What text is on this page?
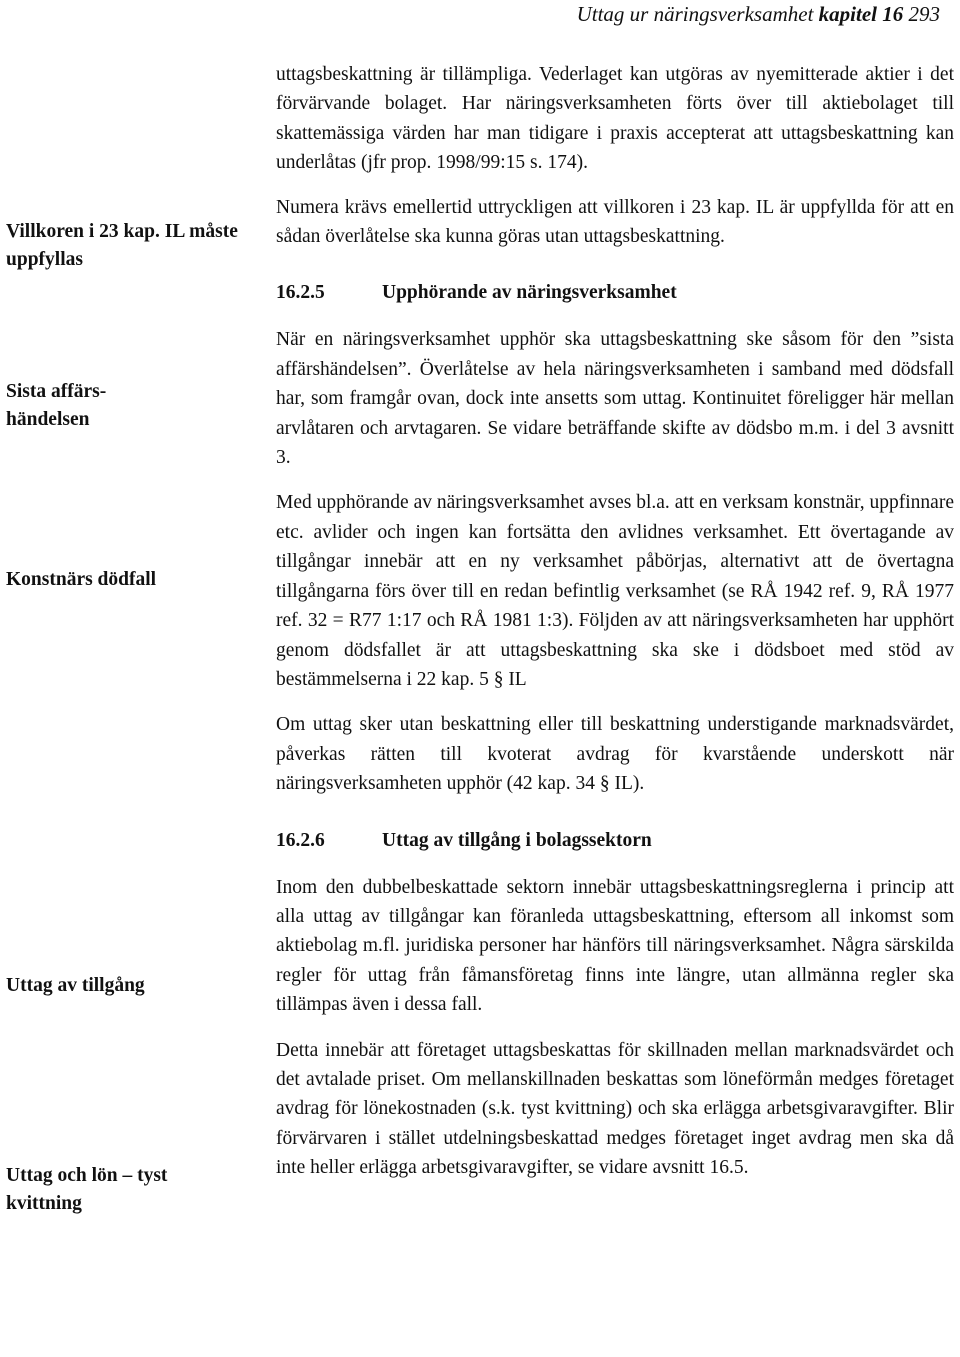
Uttag ur näringsverksamhet kapitel 16 293
Villkoren i 23 kap. IL måste uppfyllas
Sista affärs-händelsen
Konstnärs dödfall
Uttag av tillgång
Uttag och lön – tyst kvittning

uttagsbeskattning är tillämpliga. Vederlaget kan utgöras av nyemitterade aktier i det förvärvande bolaget. Har näringsverksamheten förts över till aktiebolaget till skattemässiga värden har man tidigare i praxis accepterat att uttagsbeskattning kan underlåtas (jfr prop. 1998/99:15 s. 174).

Numera krävs emellertid uttryckligen att villkoren i 23 kap. IL är uppfyllda för att en sådan överlåtelse ska kunna göras utan uttagsbeskattning.

16.2.5	Upphörande av näringsverksamhet

När en näringsverksamhet upphör ska uttagsbeskattning ske såsom för den ”sista affärshändelsen”. Överlåtelse av hela näringsverksamheten i samband med dödsfall har, som framgår ovan, dock inte ansetts som uttag. Kontinuitet föreligger här mellan arvlåtaren och arvtagaren. Se vidare beträffande skifte av dödsbo m.m. i del 3 avsnitt 3.

Med upphörande av näringsverksamhet avses bl.a. att en verksam konstnär, uppfinnare etc. avlider och ingen kan fortsätta den avlidnes verksamhet. Ett övertagande av tillgångar innebär att en ny verksamhet påbörjas, alternativt att de övertagna tillgångarna förs över till en redan befintlig verksamhet (se RÅ 1942 ref. 9, RÅ 1977 ref. 32 = R77 1:17 och RÅ 1981 1:3). Följden av att näringsverksamheten har upphört genom dödsfallet är att uttagsbeskattning ska ske i dödsboet med stöd av bestämmelserna i 22 kap. 5 § IL

Om uttag sker utan beskattning eller till beskattning understigande marknadsvärdet, påverkas rätten till kvoterat avdrag för kvarstående underskott när näringsverksamheten upphör (42 kap. 34 § IL).

16.2.6	Uttag av tillgång i bolagssektorn

Inom den dubbelbeskattade sektorn innebär uttagsbeskattningsreglerna i princip att alla uttag av tillgångar kan föranleda uttagsbeskattning, eftersom all inkomst som aktiebolag m.fl. juridiska personer har hänförs till näringsverksamhet. Några särskilda regler för uttag från fåmansföretag finns inte längre, utan allmänna regler ska tillämpas även i dessa fall.

Detta innebär att företaget uttagsbeskattas för skillnaden mellan marknadsvärdet och det avtalade priset. Om mellanskillnaden beskattas som löneförmån medges företaget avdrag för lönekostnaden (s.k. tyst kvittning) och ska erlägga arbetsgivaravgifter. Blir förvärvaren i stället utdelningsbeskattad medges företaget inget avdrag men ska då inte heller erlägga arbetsgivaravgifter, se vidare avsnitt 16.5.
